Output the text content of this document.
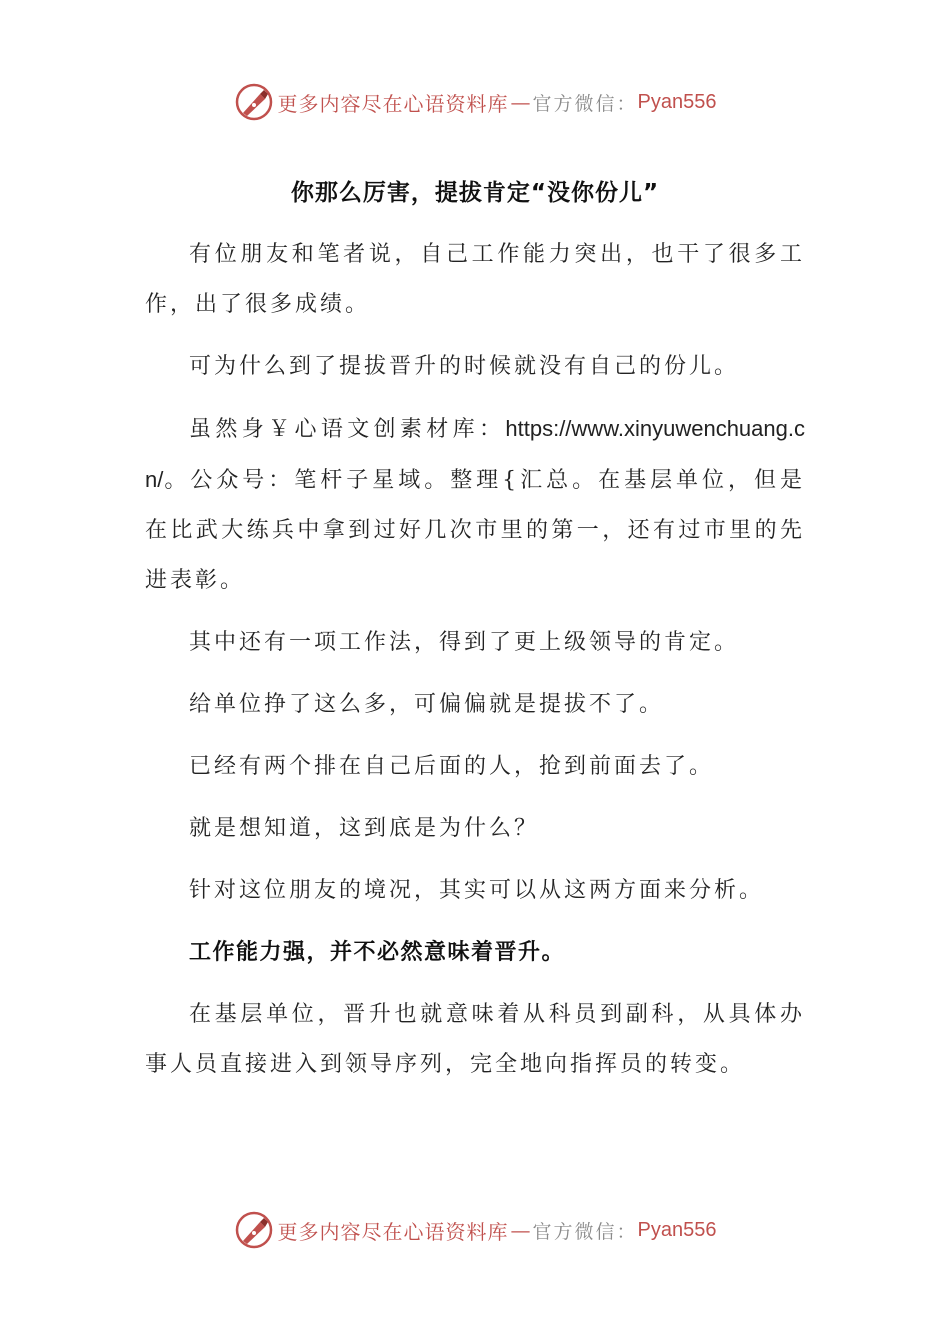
更多内容尽在心语资料库 — 官方微信： Pyan556
你那么厉害，提拔肯定“没你份儿”

有位朋友和笔者说，自己工作能力突出，也干了很多工作，出了很多成绩。

可为什么到了提拔晋升的时候就没有自己的份儿。

虽然身￥心语文创素材库：https://www.xinyuwenchuang.cn/。公众号：笔杆子星域。整理{汇总。在基层单位，但是在比武大练兵中拿到过好几次市里的第一，还有过市里的先进表彰。

其中还有一项工作法，得到了更上级领导的肯定。

给单位挣了这么多，可偏偏就是提拔不了。

已经有两个排在自己后面的人，抢到前面去了。

就是想知道，这到底是为什么？

针对这位朋友的境况，其实可以从这两方面来分析。

工作能力强，并不必然意味着晋升。

在基层单位，晋升也就意味着从科员到副科，从具体办事人员直接进入到领导序列，完全地向指挥员的转变。

更多内容尽在心语资料库 — 官方微信： Pyan556
